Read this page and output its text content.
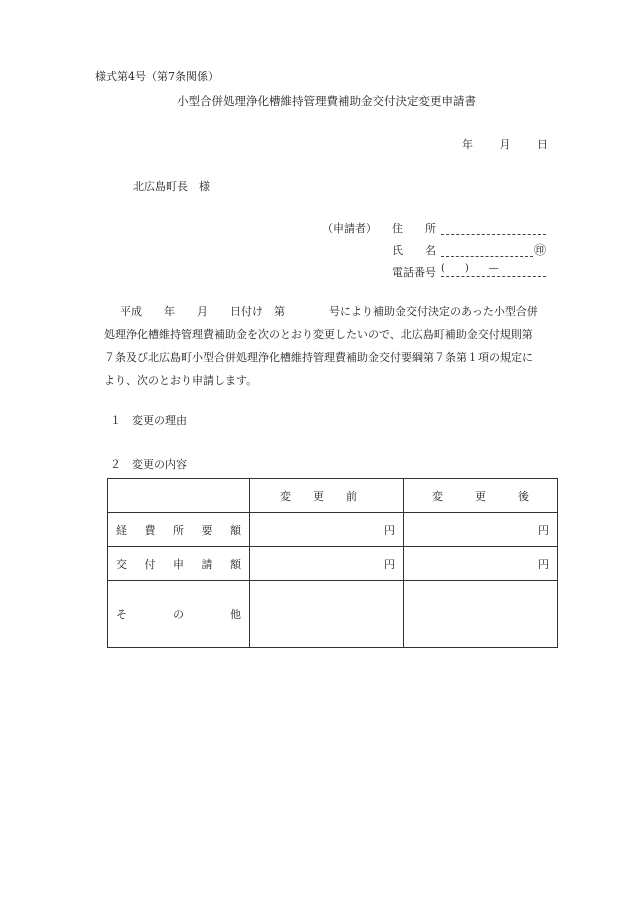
様式第4号（第7条関係）
小型合併処理浄化槽維持管理費補助金交付決定変更申請書
年 月 日
北広島町長　様
（申請者） 住　　所
氏　　名	㊞
電話番号 (　　)　　—

平成　　年　　月　　日付け　第　　　　号により補助金交付決定のあった小型合併

処理浄化槽維持管理費補助金を次のとおり変更したいので、北広島町補助金交付規則第

７条及び北広島町小型合併処理浄化槽維持管理費補助金交付要綱第７条第１項の規定に

より、次のとおり申請します。

１　変更の理由
２　変更の内容

	変 更 前	変 更 後

経 費 所 要 額	円	円

交 付 申 請 額	円	円

そ の 他		
